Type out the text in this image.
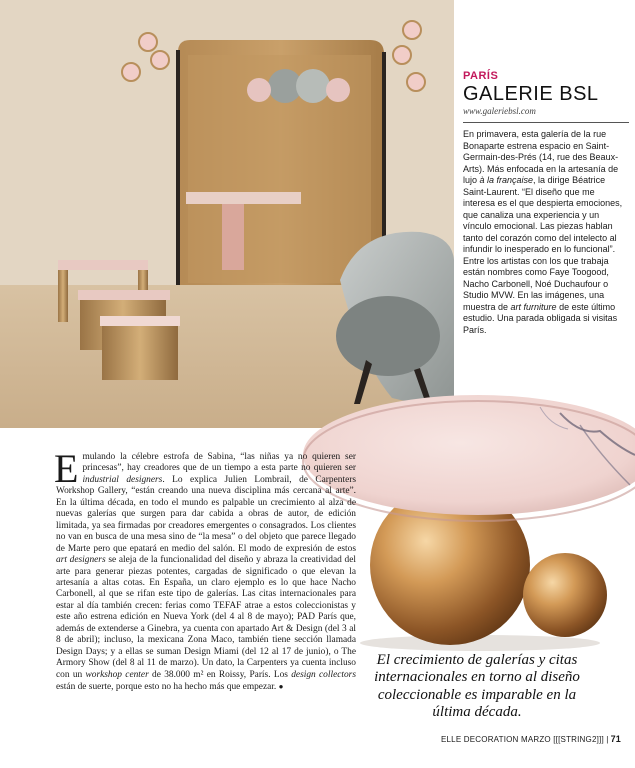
PARÍS

GALERIE BSL

www.galeriebsl.com

En primavera, esta galería de la rue Bonaparte estrena espacio en Saint-Germain-des-Prés (14, rue des Beaux-Arts). Más enfocada en la artesanía de lujo à la française, la dirige Béatrice Saint-Laurent. “El diseño que me interesa es el que despierta emociones, que canaliza una experiencia y un vínculo emocional. Las piezas hablan tanto del corazón como del intelecto al infundir lo inesperado en lo funcional”. Entre los artistas con los que trabaja están nombres como Faye Toogood, Nacho Carbonell, Noé Duchaufour o Studio MVW. En las imágenes, una muestra de art furniture de este último estudio. Una parada obligada si visitas París.

Emulando la célebre estrofa de Sabina, “las niñas ya no quieren ser princesas”, hay creadores que de un tiempo a esta parte no quieren ser industrial designers. Lo explica Julien Lombrail, de Carpenters Workshop Gallery, “están creando una nueva disciplina más cercana al arte”. En la última década, en todo el mundo es palpable un crecimiento al alza de nuevas galerías que surgen para dar cabida a obras de autor, de edición limitada, ya sea firmadas por creadores emergentes o consagrados. Los clientes no van en busca de una mesa sino de “la mesa” o del objeto que parece llegado de Marte pero que epatará en medio del salón. El modo de expresión de estos art designers se aleja de la funcionalidad del diseño y abraza la creatividad del arte para generar piezas potentes, cargadas de significado o que elevan la artesanía a altas cotas. En España, un claro ejemplo es lo que hace Nacho Carbonell, al que se rifan este tipo de galerías. Las citas internacionales para estar al día también crecen: ferias como TEFAF atrae a estos coleccionistas y este año estrena edición en Nueva York (del 4 al 8 de mayo); PAD París que, además de extenderse a Ginebra, ya cuenta con apartado Art & Design (del 3 al 8 de abril); incluso, la mexicana Zona Maco, también tiene sección llamada Design Days; y a ellas se suman Design Miami (del 12 al 17 de junio), o The Armory Show (del 8 al 11 de marzo). Un dato, la Carpenters ya cuenta incluso con un workshop center de 38.000 m² en Roissy, París. Los design collectors están de suerte, porque esto no ha hecho más que empezar. ●

El crecimiento de galerías y citas internacionales en torno al diseño coleccionable es imparable en la última década.

ELLE DECORATION MARZO [[[STRING2]]] | 71
